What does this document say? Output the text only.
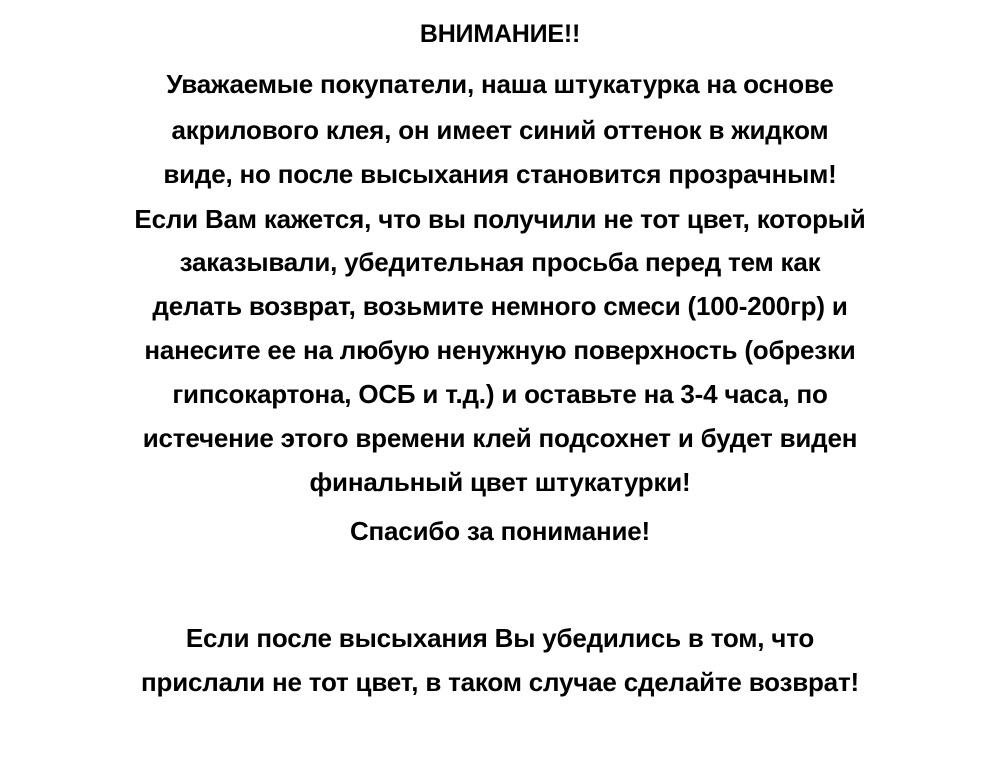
ВНИМАНИЕ!!
Уважаемые покупатели, наша штукатурка на основе
акрилового клея, он имеет синий оттенок в жидком
виде, но после высыхания становится прозрачным!
Если Вам кажется, что вы получили не тот цвет, который
заказывали, убедительная просьба перед тем как
делать возврат, возьмите немного смеси (100-200гр) и
нанесите ее на любую ненужную поверхность (обрезки
гипсокартона, ОСБ и т.д.) и оставьте на 3-4 часа, по
истечение этого времени клей подсохнет и будет виден
финальный цвет штукатурки!
Спасибо за понимание!
Если после высыхания Вы убедились в том, что
прислали не тот цвет, в таком случае сделайте возврат!
